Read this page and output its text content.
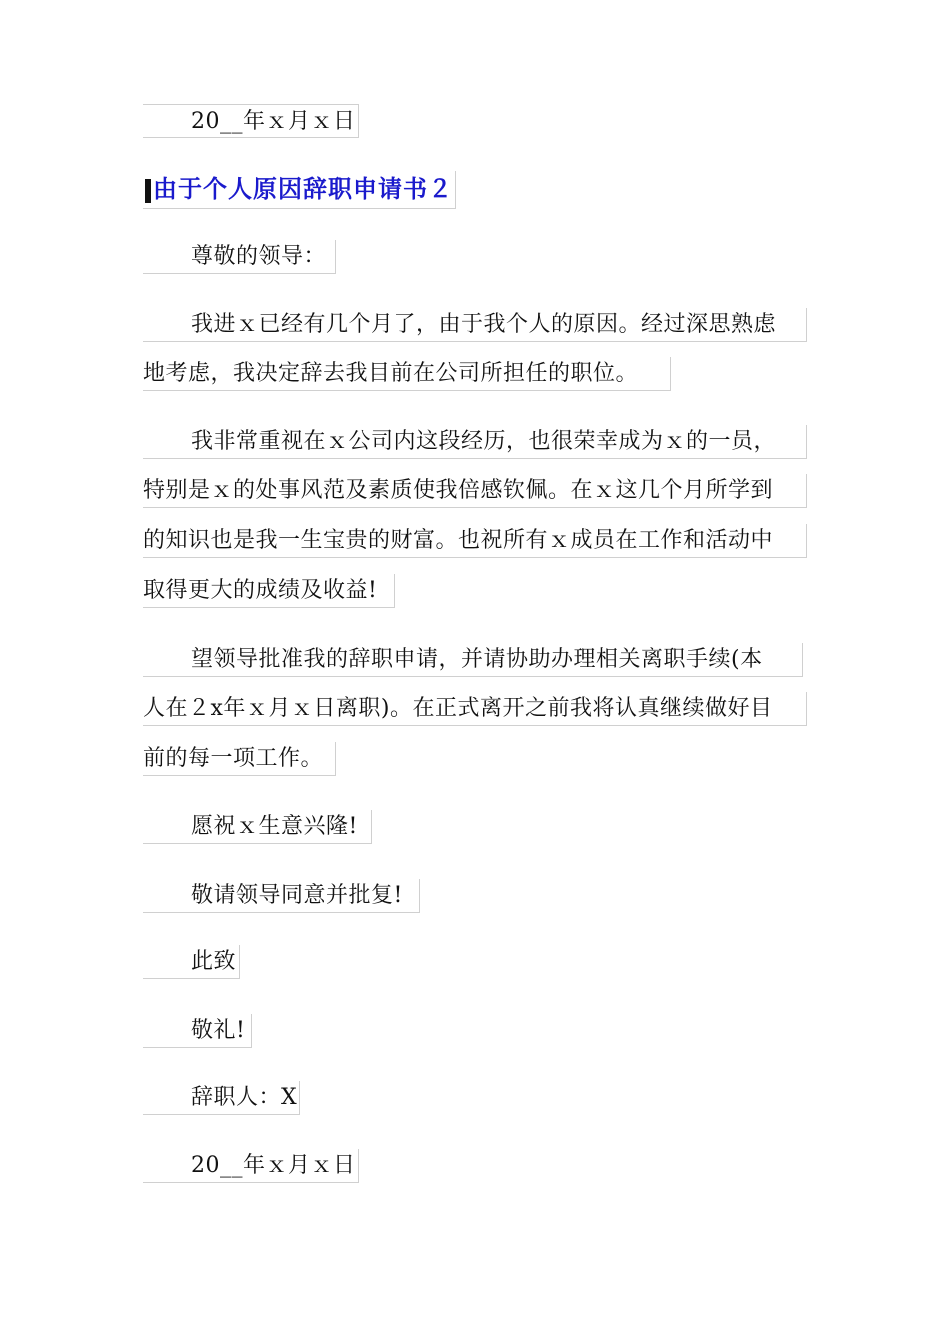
20__年ｘ月ｘ日
由于个人原因辞职申请书２
尊敬的领导：
我进ｘ已经有几个月了，由于我个人的原因。经过深思熟虑
地考虑，我决定辞去我目前在公司所担任的职位。
我非常重视在ｘ公司内这段经历，也很荣幸成为ｘ的一员，
特别是ｘ的处事风范及素质使我倍感钦佩。在ｘ这几个月所学到
的知识也是我一生宝贵的财富。也祝所有ｘ成员在工作和活动中
取得更大的成绩及收益!
望领导批准我的辞职申请，并请协助办理相关离职手续(本
人在２x年ｘ月ｘ日离职)。在正式离开之前我将认真继续做好目
前的每一项工作。
愿祝ｘ生意兴隆!
敬请领导同意并批复!
此致
敬礼!
辞职人：X
20__年ｘ月ｘ日
